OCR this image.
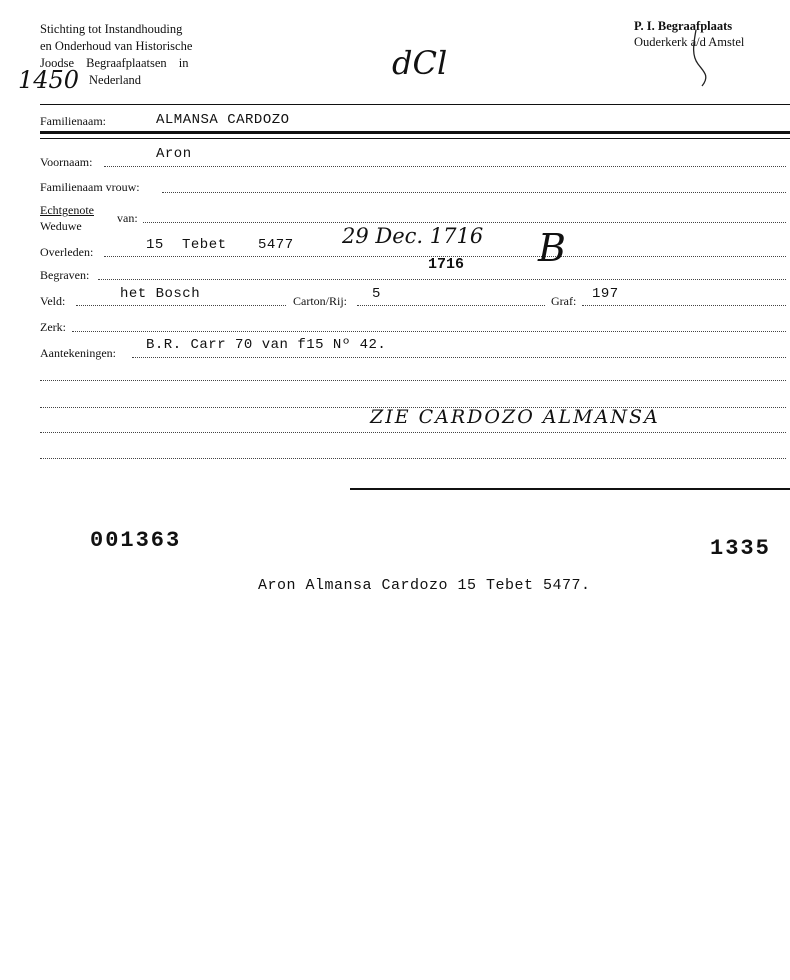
Stichting tot Instandhouding
en Onderhoud van Historische
Joodse Begraafplaatsen in
Nederland
1450	dCl
P. I. Begraafplaats
Ouderkerk a/d Amstel
Familienaam:	ALMANSA CARDOZO
Voornaam:	Aron
Familienaam vrouw:
Echtgenote
Weduwe
van:
Overleden:	15 Tebet 5477 29 Dec. 1716
1716 B
Begraven:
Veld:	het Bosch	Carton/Rij: 5	Graf: 197
Zerk:
Aantekeningen: B.R. Carr 70 van f15 Nº 42.
ZIE CARDOZO ALMANSA
001363	1335
Aron Almansa Cardozo 15 Tebet 5477.
